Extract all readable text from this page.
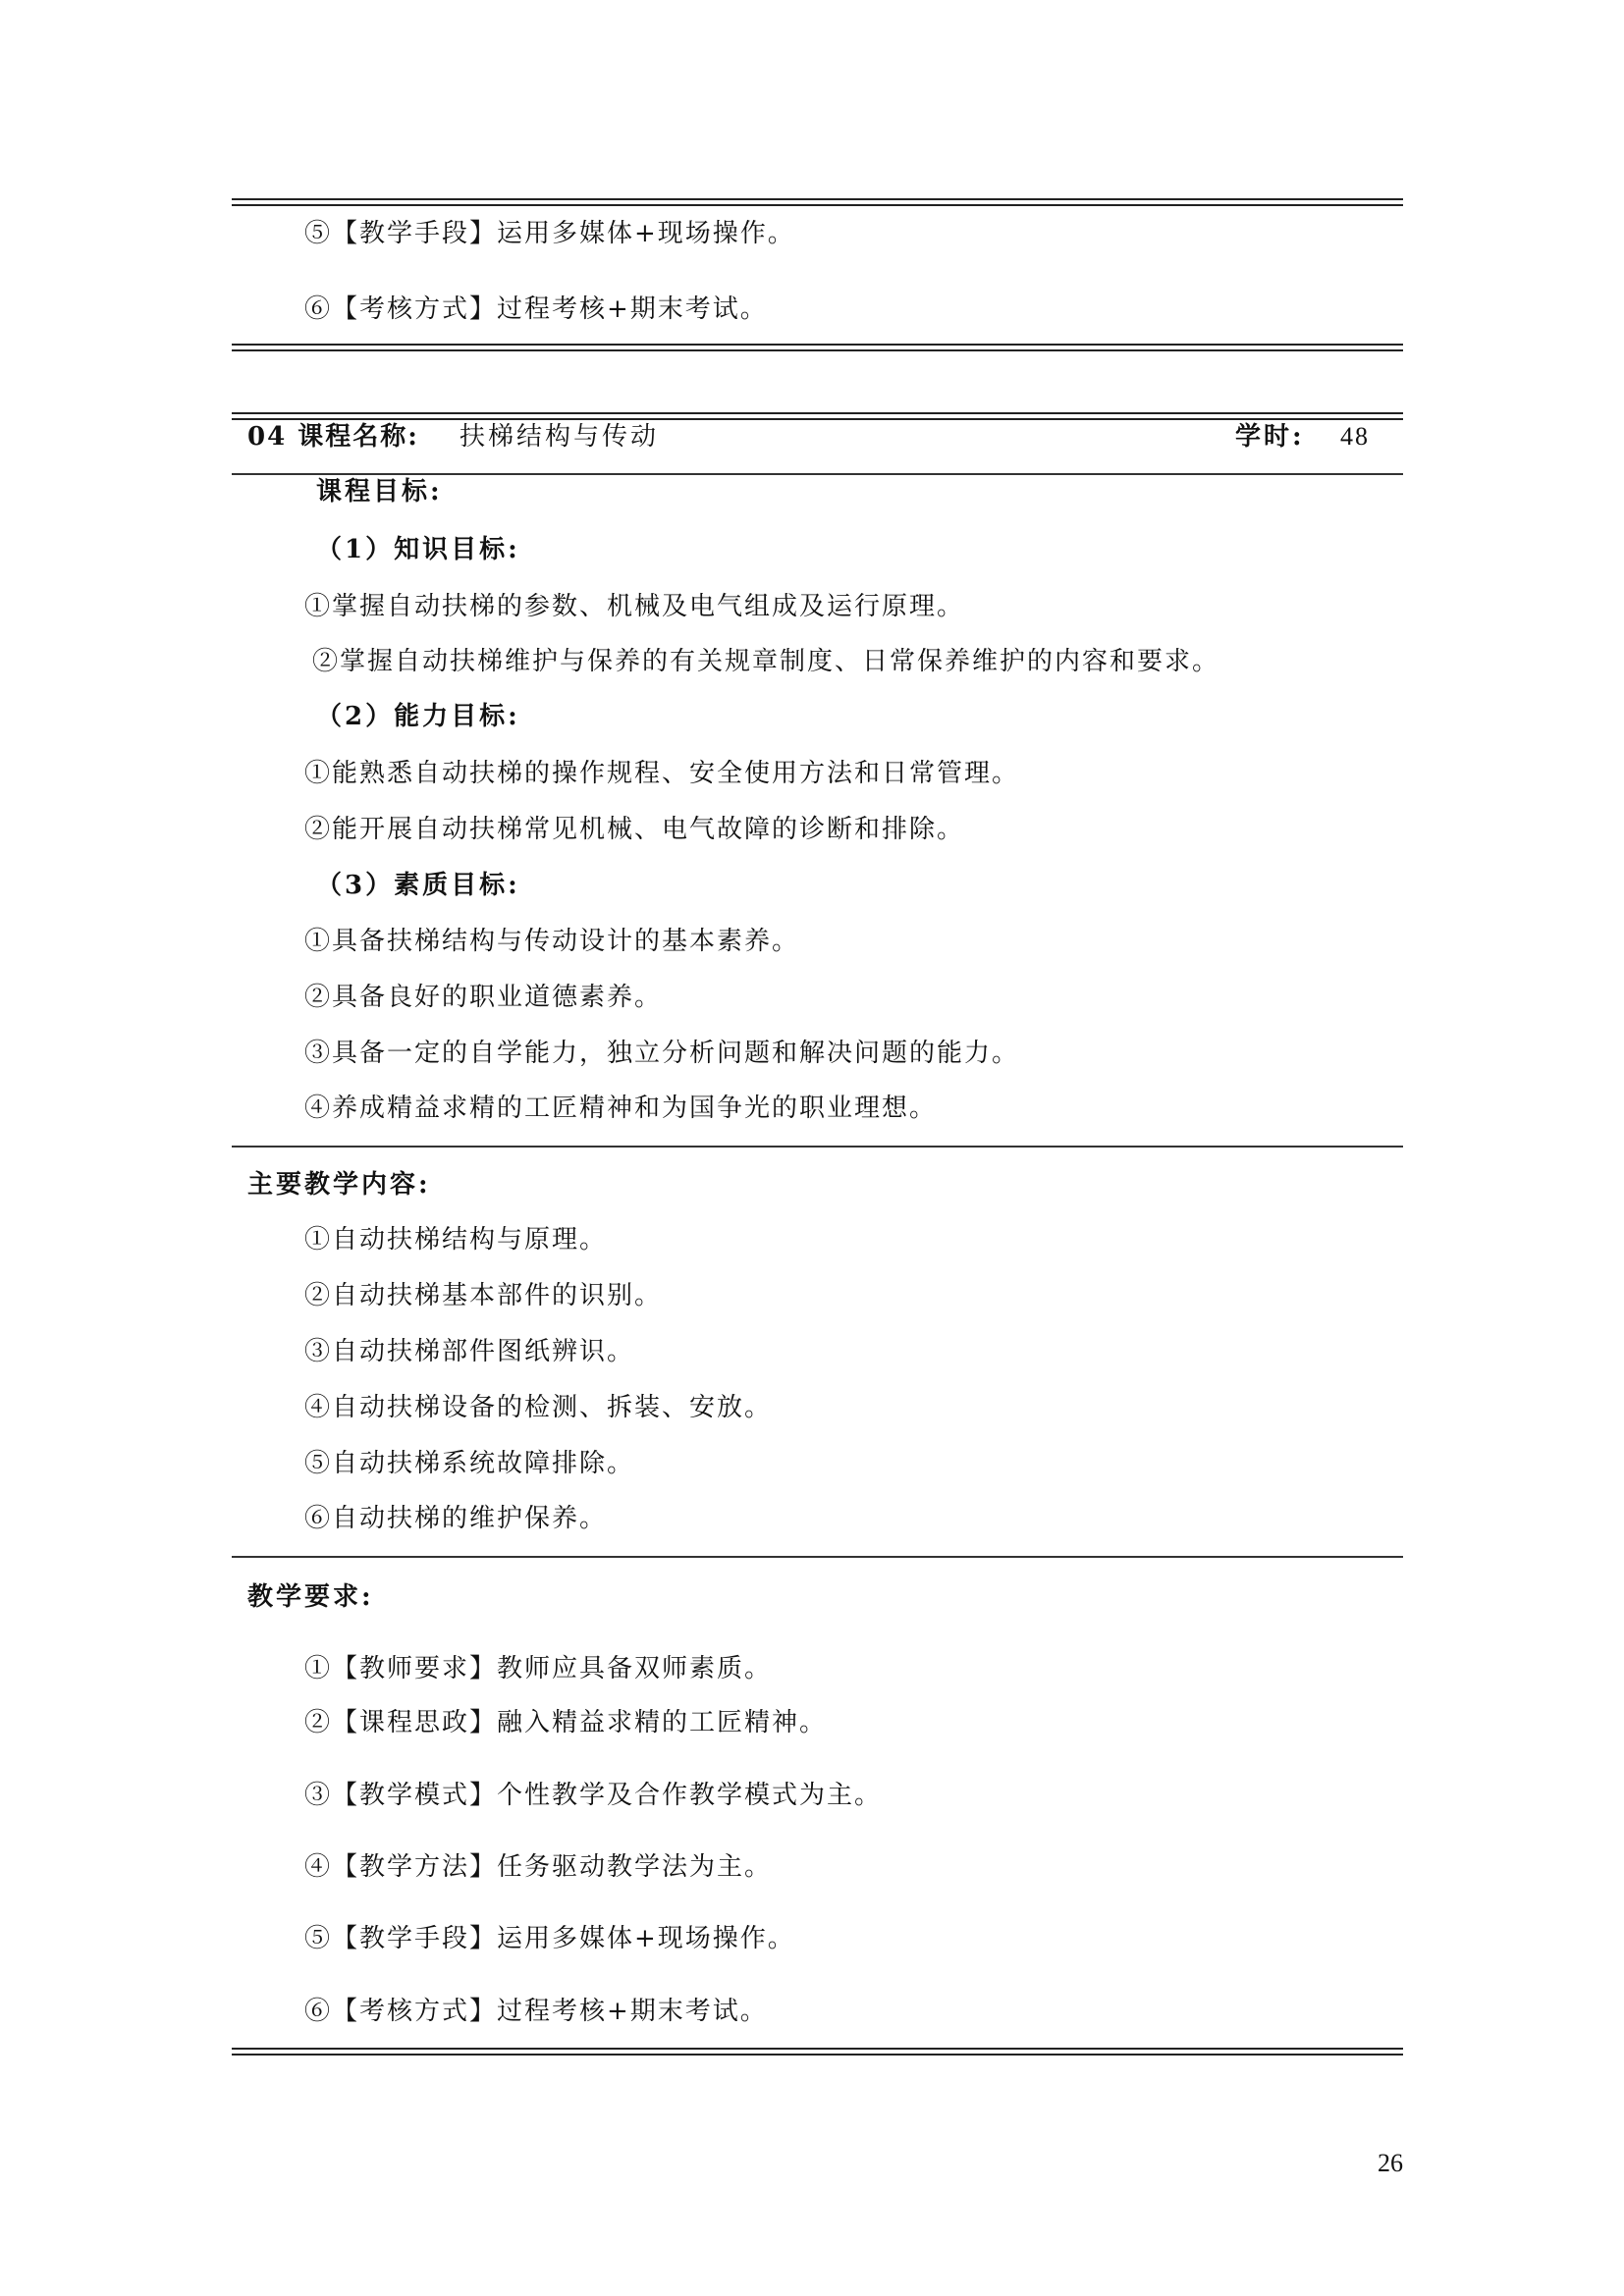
⑤【教学手段】运用多媒体+现场操作。
⑥【考核方式】过程考核+期末考试。
04 课程名称: 扶梯结构与传动	学时: 48
课程目标:
（1）知识目标:
①掌握自动扶梯的参数、机械及电气组成及运行原理。
②掌握自动扶梯维护与保养的有关规章制度、日常保养维护的内容和要求。
（2）能力目标:
①能熟悉自动扶梯的操作规程、安全使用方法和日常管理。
②能开展自动扶梯常见机械、电气故障的诊断和排除。
（3）素质目标:
①具备扶梯结构与传动设计的基本素养。
②具备良好的职业道德素养。
③具备一定的自学能力，独立分析问题和解决问题的能力。
④养成精益求精的工匠精神和为国争光的职业理想。
主要教学内容:
①自动扶梯结构与原理。
②自动扶梯基本部件的识别。
③自动扶梯部件图纸辨识。
④自动扶梯设备的检测、拆装、安放。
⑤自动扶梯系统故障排除。
⑥自动扶梯的维护保养。
教学要求:
①【教师要求】教师应具备双师素质。
②【课程思政】融入精益求精的工匠精神。
③【教学模式】个性教学及合作教学模式为主。
④【教学方法】任务驱动教学法为主。
⑤【教学手段】运用多媒体+现场操作。
⑥【考核方式】过程考核+期末考试。
26
